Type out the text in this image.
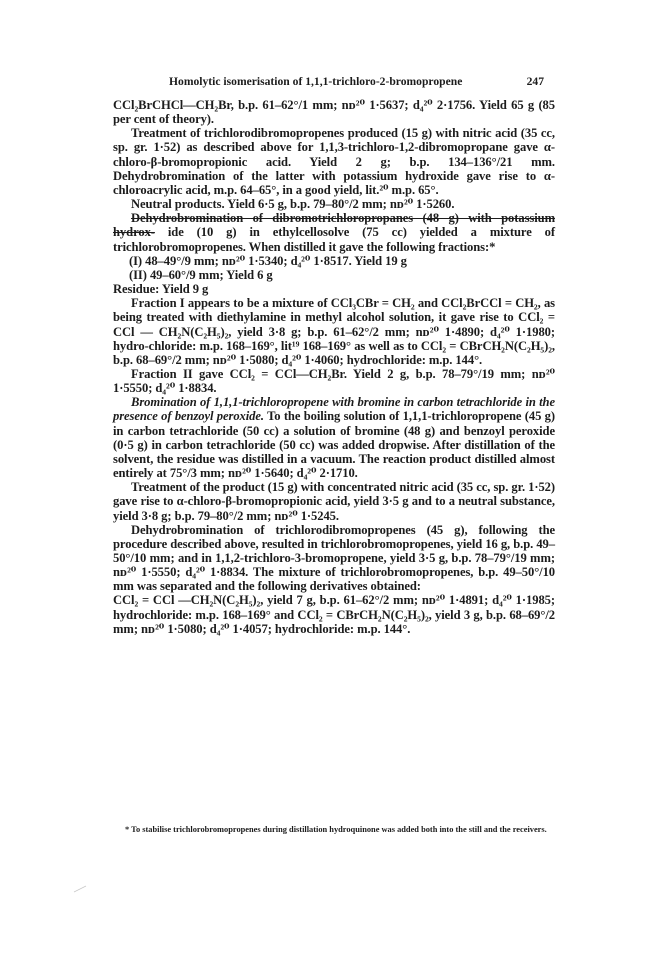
Homolytic isomerisation of 1,1,1-trichloro-2-bromopropene	247

CCl₂BrCHCl—CH₂Br, b.p. 61–62°/1 mm; nᴅ²⁰ 1·5637; d₄²⁰ 2·1756. Yield 65 g (85 per cent of theory).

Treatment of trichlorodibromopropenes produced (15 g) with nitric acid (35 cc, sp. gr. 1·52) as described above for 1,1,3-trichloro-1,2-dibromopropane gave α-chloro-β-bromopropionic acid. Yield 2 g; b.p. 134–136°/21 mm. Dehydrobromination of the latter with potassium hydroxide gave rise to α-chloroacrylic acid, m.p. 64–65°, in a good yield, lit.²⁰ m.p. 65°.

Neutral products. Yield 6·5 g, b.p. 79–80°/2 mm; nᴅ²⁰ 1·5260.

Dehydrobromination of dibromotrichloropropanes (48 g) with potassium hydrox- ide (10 g) in ethylcellosolve (75 cc) yielded a mixture of trichlorobromopropenes. When distilled it gave the following fractions:*

(I) 48–49°/9 mm; nᴅ²⁰ 1·5340; d₄²⁰ 1·8517. Yield 19 g

(II) 49–60°/9 mm; Yield 6 g

Residue: Yield 9 g

Fraction I appears to be a mixture of CCl₃CBr = CH₂ and CCl₂BrCCl = CH₂, as being treated with diethylamine in methyl alcohol solution, it gave rise to CCl₂ = CCl — CH₂N(C₂H₅)₂, yield 3·8 g; b.p. 61–62°/2 mm; nᴅ²⁰ 1·4890; d₄²⁰ 1·1980; hydro-chloride: m.p. 168–169°, lit¹⁹ 168–169° as well as to CCl₂ = CBrCH₂N(C₂H₅)₂, b.p. 68–69°/2 mm; nᴅ²⁰ 1·5080; d₄²⁰ 1·4060; hydrochloride: m.p. 144°.

Fraction II gave CCl₂ = CCl—CH₂Br. Yield 2 g, b.p. 78–79°/19 mm; nᴅ²⁰ 1·5550; d₄²⁰ 1·8834.

Bromination of 1,1,1-trichloropropene with bromine in carbon tetrachloride in the presence of benzoyl peroxide. To the boiling solution of 1,1,1-trichloropropene (45 g) in carbon tetrachloride (50 cc) a solution of bromine (48 g) and benzoyl peroxide (0·5 g) in carbon tetrachloride (50 cc) was added dropwise. After distillation of the solvent, the residue was distilled in a vacuum. The reaction product distilled almost entirely at 75°/3 mm; nᴅ²⁰ 1·5640; d₄²⁰ 2·1710.

Treatment of the product (15 g) with concentrated nitric acid (35 cc, sp. gr. 1·52) gave rise to α-chloro-β-bromopropionic acid, yield 3·5 g and to a neutral substance, yield 3·8 g; b.p. 79–80°/2 mm; nᴅ²⁰ 1·5245.

Dehydrobromination of trichlorodibromopropenes (45 g), following the procedure described above, resulted in trichlorobromopropenes, yield 16 g, b.p. 49–50°/10 mm; and in 1,1,2-trichloro-3-bromopropene, yield 3·5 g, b.p. 78–79°/19 mm; nᴅ²⁰ 1·5550; d₄²⁰ 1·8834. The mixture of trichlorobromopropenes, b.p. 49–50°/10 mm was separated and the following derivatives obtained:

CCl₂ = CCl —CH₂N(C₂H₅)₂, yield 7 g, b.p. 61–62°/2 mm; nᴅ²⁰ 1·4891; d₄²⁰ 1·1985; hydrochloride: m.p. 168–169° and CCl₂ = CBrCH₂N(C₂H₅)₂, yield 3 g, b.p. 68–69°/2 mm; nᴅ²⁰ 1·5080; d₄²⁰ 1·4057; hydrochloride: m.p. 144°.

* To stabilise trichlorobromopropenes during distillation hydroquinone was added both into the still and the receivers.
